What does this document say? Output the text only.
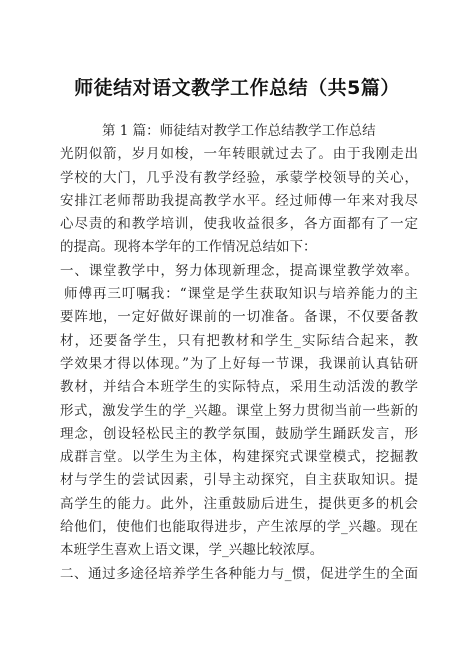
师徒结对语文教学工作总结（共5篇）
第 1 篇：师徒结对教学工作总结教学工作总结
光阴似箭，岁月如梭，一年转眼就过去了。由于我刚走出
学校的大门，几乎没有教学经验，承蒙学校领导的关心，
安排江老师帮助我提高教学水平。经过师傅一年来对我尽
心尽责的和教学培训，使我收益很多，各方面都有了一定
的提高。现将本学年的工作情况总结如下：
一、课堂教学中，努力体现新理念，提高课堂教学效率。
师傅再三叮嘱我：“课堂是学生获取知识与培养能力的主
要阵地，一定好做好课前的一切准备。备课，不仅要备教
材，还要备学生，只有把教材和学生_实际结合起来，教
学效果才得以体现。”为了上好每一节课，我课前认真钻研
教材，并结合本班学生的实际特点，采用生动活泼的教学
形式，激发学生的学_兴趣。课堂上努力贯彻当前一些新的
理念，创设轻松民主的教学氛围，鼓励学生踊跃发言，形
成群言堂。以学生为主体，构建探究式课堂模式，挖掘教
材与学生的尝试因素，引导主动探究，自主获取知识。提
高学生的能力。此外，注重鼓励后进生，提供更多的机会
给他们，使他们也能取得进步，产生浓厚的学_兴趣。现在
本班学生喜欢上语文课，学_兴趣比较浓厚。
二、通过多途径培养学生各种能力与_惯，促进学生的全面
